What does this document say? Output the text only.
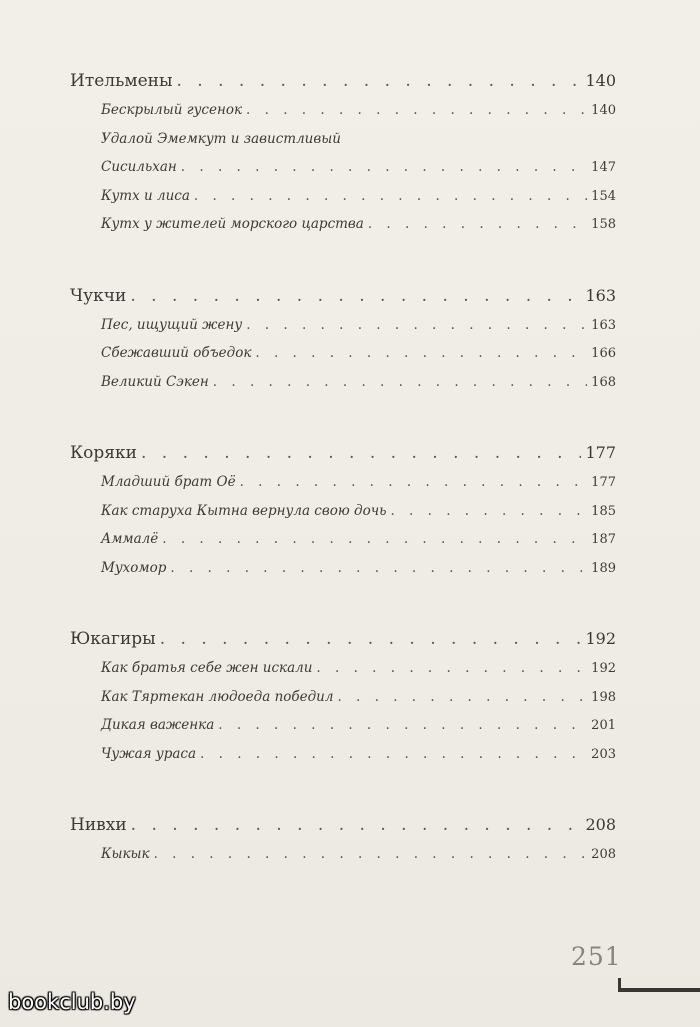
Ительмены . . .	140
Бескрылый гусенок . . .	140
Удалой Эмемкут и завистливый
Сисильхан . . .	147
Кутх и лиса . . .	154
Кутх у жителей морского царства . . .	158
Чукчи . . .	163
Пес, ищущий жену . . .	163
Сбежавший объедок . . .	166
Великий Сэкен . . .	168
Коряки . . .	177
Младший брат Оё . . .	177
Как старуха Кытна вернула свою дочь . . .	185
Аммалё . . .	187
Мухомор . . .	189
Юкагиры . . .	192
Как братья себе жен искали . . .	192
Как Тяртекан людоеда победил . . .	198
Дикая важенка . . .	201
Чужая ураса . . .	203
Нивхи . . .	208
Кыкык . . .	208
251
bookclub.by
